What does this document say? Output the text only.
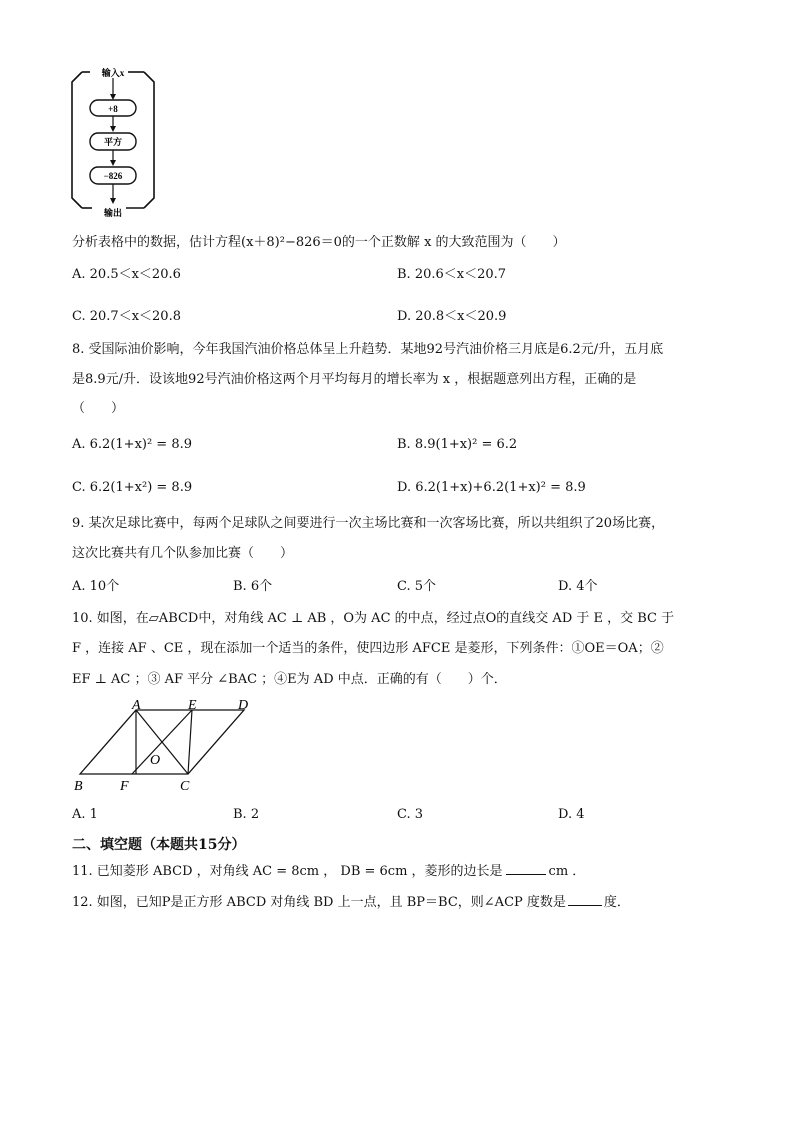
输入x
+8
平方
−826
输出
分析表格中的数据，估计方程(x＋8)²−826＝0的一个正数解 x 的大致范围为（　　）
A. 20.5＜x＜20.6	B. 20.6＜x＜20.7
C. 20.7＜x＜20.8	D. 20.8＜x＜20.9
8. 受国际油价影响，今年我国汽油价格总体呈上升趋势．某地92号汽油价格三月底是6.2元/升，五月底
是8.9元/升．设该地92号汽油价格这两个月平均每月的增长率为 x ，根据题意列出方程，正确的是
（　　）
A. 6.2(1+x)² = 8.9	B. 8.9(1+x)² = 6.2
C. 6.2(1+x²) = 8.9	D. 6.2(1+x)+6.2(1+x)² = 8.9
9. 某次足球比赛中，每两个足球队之间要进行一次主场比赛和一次客场比赛，所以共组织了20场比赛，
这次比赛共有几个队参加比赛（　　）
A. 10个	B. 6个	C. 5个	D. 4个
10. 如图，在▱ABCD中，对角线 AC ⊥ AB ，O为 AC 的中点，经过点O的直线交 AD 于 E ，交 BC 于
F ，连接 AF 、CE ，现在添加一个适当的条件，使四边形 AFCE 是菱形，下列条件：①OE＝OA；②
EF ⊥ AC ；③ AF 平分 ∠BAC ；④E为 AD 中点．正确的有（　　）个．
A	E	D
O
B	F	C
A. 1	B. 2	C. 3	D. 4
二、填空题（本题共15分）
11. 已知菱形 ABCD ，对角线 AC = 8cm ， DB = 6cm ，菱形的边长是	cm ．
12. 如图，已知P是正方形 ABCD 对角线 BD 上一点，且 BP＝BC，则∠ACP 度数是	度．
